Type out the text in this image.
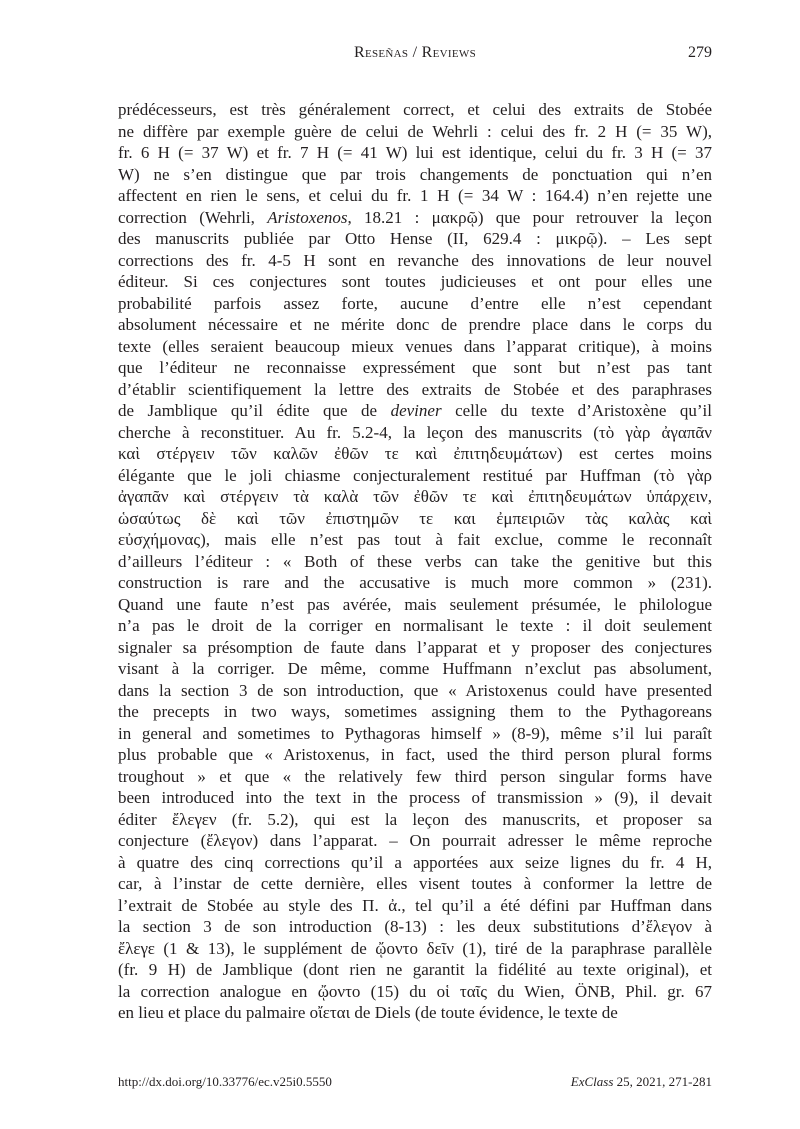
Reseñas / Reviews	279
prédécesseurs, est très généralement correct, et celui des extraits de Stobée
ne diffère par exemple guère de celui de Wehrli : celui des fr. 2 H (= 35 W),
fr. 6 H (= 37 W) et fr. 7 H (= 41 W) lui est identique, celui du fr. 3 H (= 37
W) ne s’en distingue que par trois changements de ponctuation qui n’en
affectent en rien le sens, et celui du fr. 1 H (= 34 W : 164.4) n’en rejette une
correction (Wehrli, Aristoxenos, 18.21 : μακρῷ) que pour retrouver la leçon
des manuscrits publiée par Otto Hense (II, 629.4 : μικρῷ). – Les sept
corrections des fr. 4-5 H sont en revanche des innovations de leur nouvel
éditeur. Si ces conjectures sont toutes judicieuses et ont pour elles une
probabilité parfois assez forte, aucune d’entre elle n’est cependant
absolument nécessaire et ne mérite donc de prendre place dans le corps du
texte (elles seraient beaucoup mieux venues dans l’apparat critique), à moins
que l’éditeur ne reconnaisse expressément que sont but n’est pas tant
d’établir scientifiquement la lettre des extraits de Stobée et des paraphrases
de Jamblique qu’il édite que de deviner celle du texte d’Aristoxène qu’il
cherche à reconstituer. Au fr. 5.2-4, la leçon des manuscrits (τὸ γὰρ ἀγαπᾶν
καὶ στέργειν τῶν καλῶν ἐθῶν τε καὶ ἐπιτηδευμάτων) est certes moins
élégante que le joli chiasme conjecturalement restitué par Huffman (τὸ γὰρ
ἀγαπᾶν καὶ στέργειν τὰ καλὰ τῶν ἐθῶν τε καὶ ἐπιτηδευμάτων ὑπάρχειν,
ὡσαύτως δὲ καὶ τῶν ἐπιστημῶν τε και ἐμπειριῶν τὰς καλὰς καὶ
εὐσχήμονας), mais elle n’est pas tout à fait exclue, comme le reconnaît
d’ailleurs l’éditeur : « Both of these verbs can take the genitive but this
construction is rare and the accusative is much more common » (231).
Quand une faute n’est pas avérée, mais seulement présumée, le philologue
n’a pas le droit de la corriger en normalisant le texte : il doit seulement
signaler sa présomption de faute dans l’apparat et y proposer des conjectures
visant à la corriger. De même, comme Huffmann n’exclut pas absolument,
dans la section 3 de son introduction, que « Aristoxenus could have presented
the precepts in two ways, sometimes assigning them to the Pythagoreans
in general and sometimes to Pythagoras himself » (8-9), même s’il lui paraît
plus probable que « Aristoxenus, in fact, used the third person plural forms
troughout » et que « the relatively few third person singular forms have
been introduced into the text in the process of transmission » (9), il devait
éditer ἔλεγεν (fr. 5.2), qui est la leçon des manuscrits, et proposer sa
conjecture (ἔλεγον) dans l’apparat. – On pourrait adresser le même reproche
à quatre des cinq corrections qu’il a apportées aux seize lignes du fr. 4 H,
car, à l’instar de cette dernière, elles visent toutes à conformer la lettre de
l’extrait de Stobée au style des Π. ἀ., tel qu’il a été défini par Huffman dans
la section 3 de son introduction (8-13) : les deux substitutions d’ἔλεγον à
ἔλεγε (1 & 13), le supplément de ᾤοντο δεῖν (1), tiré de la paraphrase parallèle
(fr. 9 H) de Jamblique (dont rien ne garantit la fidélité au texte original), et
la correction analogue en ᾤοντο (15) du οἱ ταῖς du Wien, ÖNB, Phil. gr. 67
en lieu et place du palmaire οἴεται de Diels (de toute évidence, le texte de
http://dx.doi.org/10.33776/ec.v25i0.5550	ExClass 25, 2021, 271-281
